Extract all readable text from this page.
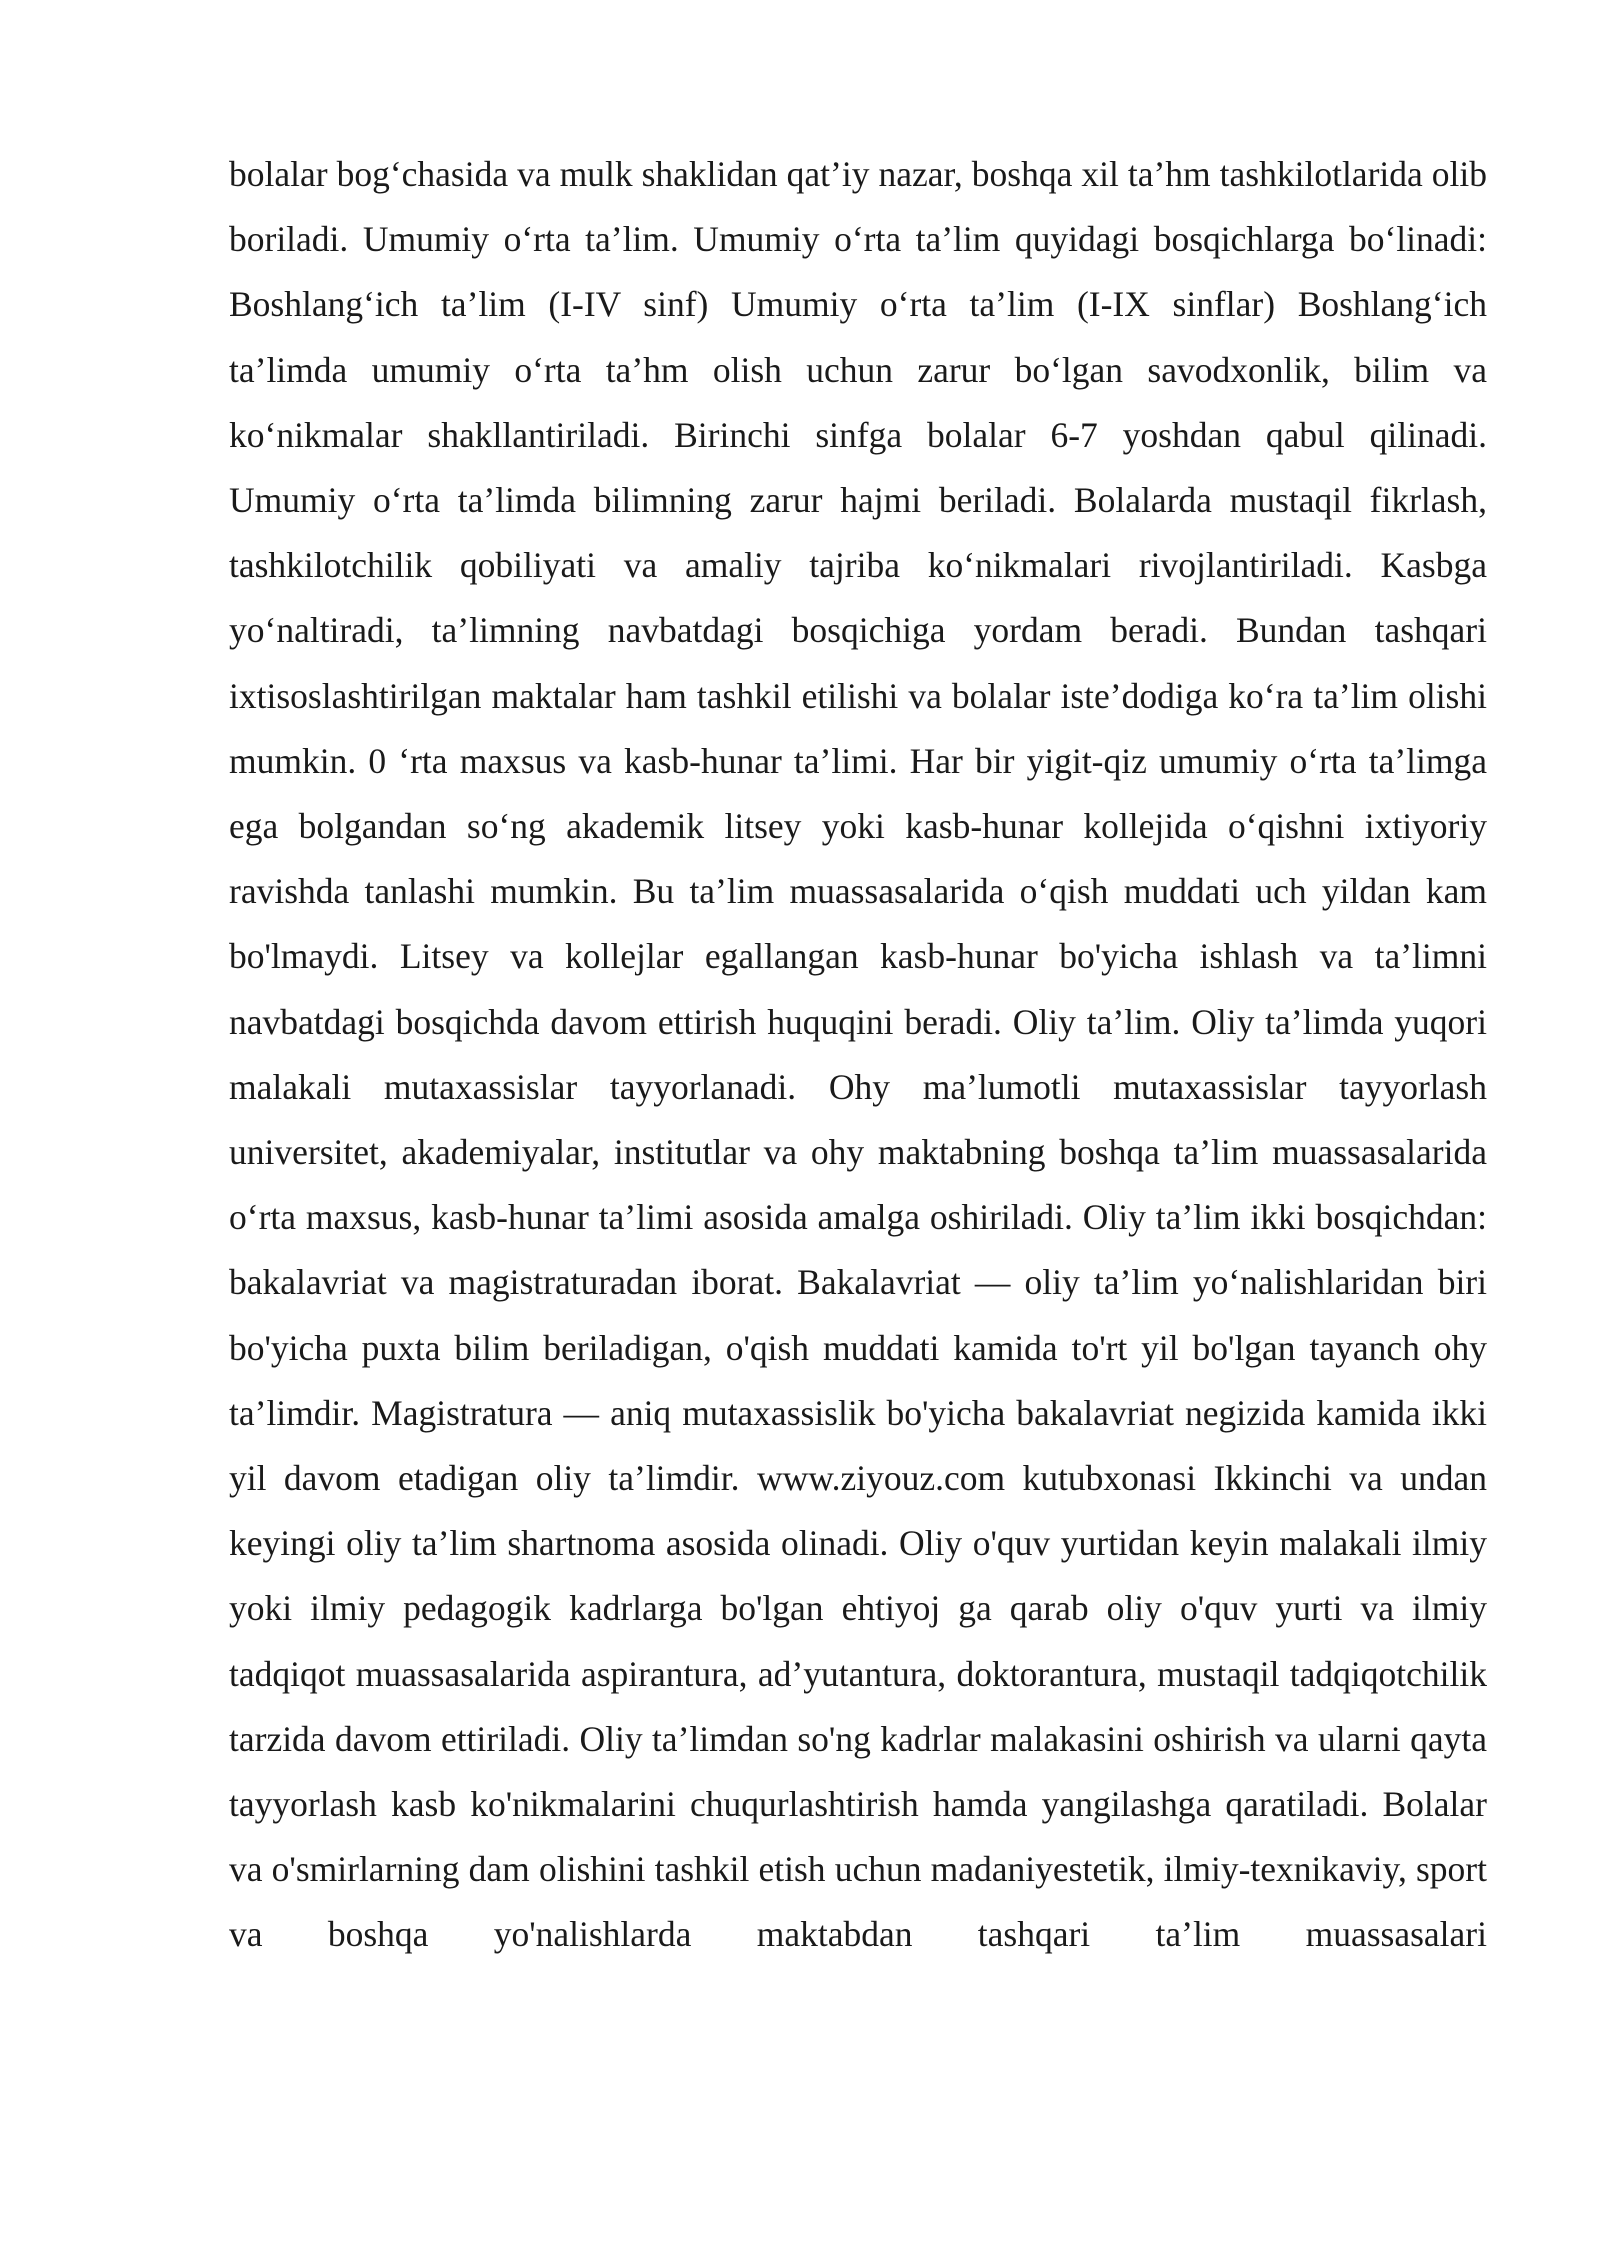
bolalar bog‘chasida va mulk shaklidan qat’iy nazar, boshqa xil ta’hm tashkilotlarida olib boriladi. Umumiy o‘rta ta’lim. Umumiy o‘rta ta’lim quyidagi bosqichlarga bo‘linadi: Boshlang‘ich ta’lim (I-IV sinf) Umumiy o‘rta ta’lim (I-IX sinflar) Boshlang‘ich ta’limda umumiy o‘rta ta’hm olish uchun zarur bo‘lgan savodxonlik, bilim va ko‘nikmalar shakllantiriladi. Birinchi sinfga bolalar 6-7 yoshdan qabul qilinadi. Umumiy o‘rta ta’limda bilimning zarur hajmi beriladi. Bolalarda mustaqil fikrlash, tashkilotchilik qobiliyati va amaliy tajriba ko‘nikmalari rivojlantiriladi. Kasbga yo‘naltiradi, ta’limning navbatdagi bosqichiga yordam beradi. Bundan tashqari ixtisoslashtirilgan maktalar ham tashkil etilishi va bolalar iste’dodiga ko‘ra ta’lim olishi mumkin. 0 ‘rta maxsus va kasb-hunar ta’limi. Har bir yigit-qiz umumiy o‘rta ta’limga ega bolgandan so‘ng akademik litsey yoki kasb-hunar kollejida o‘qishni ixtiyoriy ravishda tanlashi mumkin. Bu ta’lim muassasalarida o‘qish muddati uch yildan kam bo'lmaydi. Litsey va kollejlar egallangan kasb-hunar bo'yicha ishlash va ta’limni navbatdagi bosqichda davom ettirish huquqini beradi. Oliy ta’lim. Oliy ta’limda yuqori malakali mutaxassislar tayyorlanadi. Ohy ma’lumotli mutaxassislar tayyorlash universitet, akademiyalar, institutlar va ohy maktabning boshqa ta’lim muassasalarida o‘rta maxsus, kasb-hunar ta’limi asosida amalga oshiriladi. Oliy ta’lim ikki bosqichdan: bakalavriat va magistraturadan iborat. Bakalavriat — oliy ta’lim yo‘nalishlaridan biri bo'yicha puxta bilim beriladigan, o'qish muddati kamida to'rt yil bo'lgan tayanch ohy ta’limdir. Magistratura — aniq mutaxassislik bo'yicha bakalavriat negizida kamida ikki yil davom etadigan oliy ta’limdir. www.ziyouz.com kutubxonasi Ikkinchi va undan keyingi oliy ta’lim shartnoma asosida olinadi. Oliy o'quv yurtidan keyin malakali ilmiy yoki ilmiy pedagogik kadrlarga bo'lgan ehtiyoj ga qarab oliy o'quv yurti va ilmiy tadqiqot muassasalarida aspirantura, ad’yutantura, doktorantura, mustaqil tadqiqotchilik tarzida davom ettiriladi. Oliy ta’limdan so'ng kadrlar malakasini oshirish va ularni qayta tayyorlash kasb ko'nikmalarini chuqurlashtirish hamda yangilashga qaratiladi. Bolalar va o'smirlarning dam olishini tashkil etish uchun madaniyestetik, ilmiy-texnikaviy, sport va boshqa yo'nalishlarda maktabdan tashqari ta’lim muassasalari
